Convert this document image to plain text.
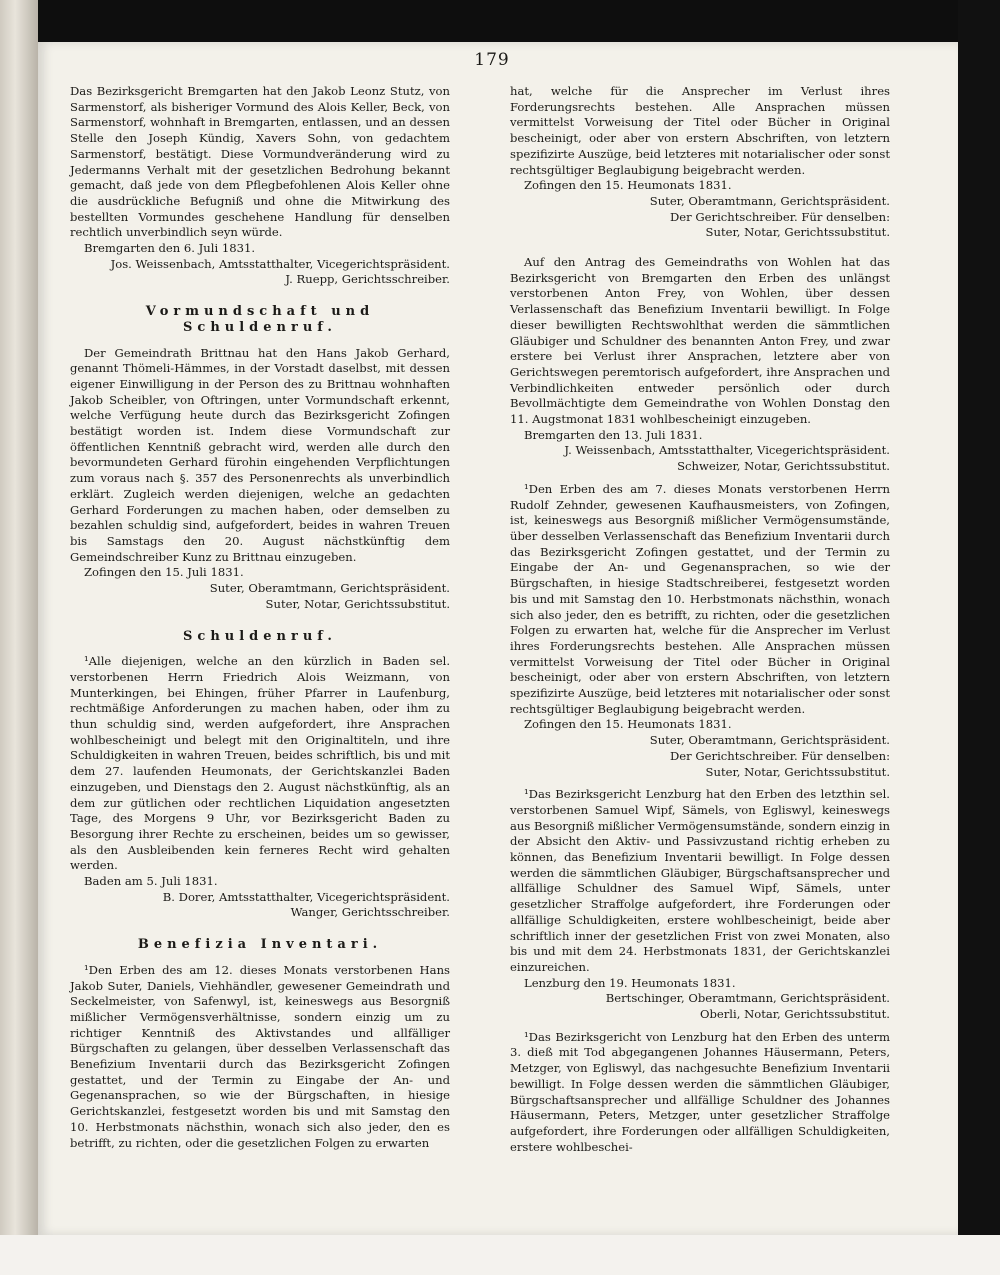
179

Das Bezirksgericht Bremgarten hat den Jakob Leonz Stutz, von Sarmenstorf, als bisheriger Vormund des Alois Keller, Beck, von Sarmenstorf, wohnhaft in Bremgarten, entlassen, und an dessen Stelle den Joseph Kündig, Xavers Sohn, von gedachtem Sarmenstorf, bestätigt. Diese Vormundveränderung wird zu Jedermanns Verhalt mit der gesetzlichen Bedrohung bekannt gemacht, daß jede von dem Pflegbefohlenen Alois Keller ohne die ausdrückliche Befugniß und ohne die Mitwirkung des bestellten Vormundes geschehene Handlung für denselben rechtlich unverbindlich seyn würde.

Bremgarten den 6. Juli 1831.

Jos. Weissenbach, Amtsstatthalter, Vicegerichtspräsident.

J. Ruepp, Gerichtsschreiber.

Vormundschaft und Schuldenruf.

Der Gemeindrath Brittnau hat den Hans Jakob Gerhard, genannt Thömeli-Hämmes, in der Vorstadt daselbst, mit dessen eigener Einwilligung in der Person des zu Brittnau wohnhaften Jakob Scheibler, von Oftringen, unter Vormundschaft erkennt, welche Verfügung heute durch das Bezirksgericht Zofingen bestätigt worden ist. Indem diese Vormundschaft zur öffentlichen Kenntniß gebracht wird, werden alle durch den bevormundeten Gerhard fürohin eingehenden Verpflichtungen zum voraus nach §. 357 des Personenrechts als unverbindlich erklärt. Zugleich werden diejenigen, welche an gedachten Gerhard Forderungen zu machen haben, oder demselben zu bezahlen schuldig sind, aufgefordert, beides in wahren Treuen bis Samstags den 20. August nächstkünftig dem Gemeindschreiber Kunz zu Brittnau einzugeben.

Zofingen den 15. Juli 1831.

Suter, Oberamtmann, Gerichtspräsident.

Suter, Notar, Gerichtssubstitut.

Schuldenruf.

¹Alle diejenigen, welche an den kürzlich in Baden sel. verstorbenen Herrn Friedrich Alois Weizmann, von Munterkingen, bei Ehingen, früher Pfarrer in Laufenburg, rechtmäßige Anforderungen zu machen haben, oder ihm zu thun schuldig sind, werden aufgefordert, ihre Ansprachen wohlbescheinigt und belegt mit den Originaltiteln, und ihre Schuldigkeiten in wahren Treuen, beides schriftlich, bis und mit dem 27. laufenden Heumonats, der Gerichtskanzlei Baden einzugeben, und Dienstags den 2. August nächstkünftig, als an dem zur gütlichen oder rechtlichen Liquidation angesetzten Tage, des Morgens 9 Uhr, vor Bezirksgericht Baden zu Besorgung ihrer Rechte zu erscheinen, beides um so gewisser, als den Ausbleibenden kein ferneres Recht wird gehalten werden.

Baden am 5. Juli 1831.

B. Dorer, Amtsstatthalter, Vicegerichtspräsident.

Wanger, Gerichtsschreiber.

Benefizia Inventari.

¹Den Erben des am 12. dieses Monats verstorbenen Hans Jakob Suter, Daniels, Viehhändler, gewesener Gemeindrath und Seckelmeister, von Safenwyl, ist, keineswegs aus Besorgniß mißlicher Vermögensverhältnisse, sondern einzig um zu richtiger Kenntniß des Aktivstandes und allfälliger Bürgschaften zu gelangen, über desselben Verlassenschaft das Benefizium Inventarii durch das Bezirksgericht Zofingen gestattet, und der Termin zu Eingabe der An- und Gegenansprachen, so wie der Bürgschaften, in hiesige Gerichtskanzlei, festgesetzt worden bis und mit Samstag den 10. Herbstmonats nächsthin, wonach sich also jeder, den es betrifft, zu richten, oder die gesetzlichen Folgen zu erwarten

hat, welche für die Ansprecher im Verlust ihres Forderungsrechts bestehen. Alle Ansprachen müssen vermittelst Vorweisung der Titel oder Bücher in Original bescheinigt, oder aber von erstern Abschriften, von letztern spezifizirte Auszüge, beid letzteres mit notarialischer oder sonst rechtsgültiger Beglaubigung beigebracht werden.

Zofingen den 15. Heumonats 1831.

Suter, Oberamtmann, Gerichtspräsident.

Der Gerichtschreiber. Für denselben:

Suter, Notar, Gerichtssubstitut.

Auf den Antrag des Gemeindraths von Wohlen hat das Bezirksgericht von Bremgarten den Erben des unlängst verstorbenen Anton Frey, von Wohlen, über dessen Verlassenschaft das Benefizium Inventarii bewilligt. In Folge dieser bewilligten Rechtswohlthat werden die sämmtlichen Gläubiger und Schuldner des benannten Anton Frey, und zwar erstere bei Verlust ihrer Ansprachen, letztere aber von Gerichtswegen peremtorisch aufgefordert, ihre Ansprachen und Verbindlichkeiten entweder persönlich oder durch Bevollmächtigte dem Gemeindrathe von Wohlen Donstag den 11. Augstmonat 1831 wohlbescheinigt einzugeben.

Bremgarten den 13. Juli 1831.

J. Weissenbach, Amtsstatthalter, Vicegerichtspräsident.

Schweizer, Notar, Gerichtssubstitut.

¹Den Erben des am 7. dieses Monats verstorbenen Herrn Rudolf Zehnder, gewesenen Kaufhausmeisters, von Zofingen, ist, keineswegs aus Besorgniß mißlicher Vermögensumstände, über desselben Verlassenschaft das Benefizium Inventarii durch das Bezirksgericht Zofingen gestattet, und der Termin zu Eingabe der An- und Gegenansprachen, so wie der Bürgschaften, in hiesige Stadtschreiberei, festgesetzt worden bis und mit Samstag den 10. Herbstmonats nächsthin, wonach sich also jeder, den es betrifft, zu richten, oder die gesetzlichen Folgen zu erwarten hat, welche für die Ansprecher im Verlust ihres Forderungsrechts bestehen. Alle Ansprachen müssen vermittelst Vorweisung der Titel oder Bücher in Original bescheinigt, oder aber von erstern Abschriften, von letztern spezifizirte Auszüge, beid letzteres mit notarialischer oder sonst rechtsgültiger Beglaubigung beigebracht werden.

Zofingen den 15. Heumonats 1831.

Suter, Oberamtmann, Gerichtspräsident.

Der Gerichtschreiber. Für denselben:

Suter, Notar, Gerichtssubstitut.

¹Das Bezirksgericht Lenzburg hat den Erben des letzthin sel. verstorbenen Samuel Wipf, Sämels, von Egliswyl, keineswegs aus Besorgniß mißlicher Vermögensumstände, sondern einzig in der Absicht den Aktiv- und Passivzustand richtig erheben zu können, das Benefizium Inventarii bewilligt. In Folge dessen werden die sämmtlichen Gläubiger, Bürgschaftsansprecher und allfällige Schuldner des Samuel Wipf, Sämels, unter gesetzlicher Straffolge aufgefordert, ihre Forderungen oder allfällige Schuldigkeiten, erstere wohlbescheinigt, beide aber schriftlich inner der gesetzlichen Frist von zwei Monaten, also bis und mit dem 24. Herbstmonats 1831, der Gerichtskanzlei einzureichen.

Lenzburg den 19. Heumonats 1831.

Bertschinger, Oberamtmann, Gerichtspräsident.

Oberli, Notar, Gerichtssubstitut.

¹Das Bezirksgericht von Lenzburg hat den Erben des unterm 3. dieß mit Tod abgegangenen Johannes Häusermann, Peters, Metzger, von Egliswyl, das nachgesuchte Benefizium Inventarii bewilligt. In Folge dessen werden die sämmtlichen Gläubiger, Bürgschaftsansprecher und allfällige Schuldner des Johannes Häusermann, Peters, Metzger, unter gesetzlicher Straffolge aufgefordert, ihre Forderungen oder allfälligen Schuldigkeiten, erstere wohlbeschei-
